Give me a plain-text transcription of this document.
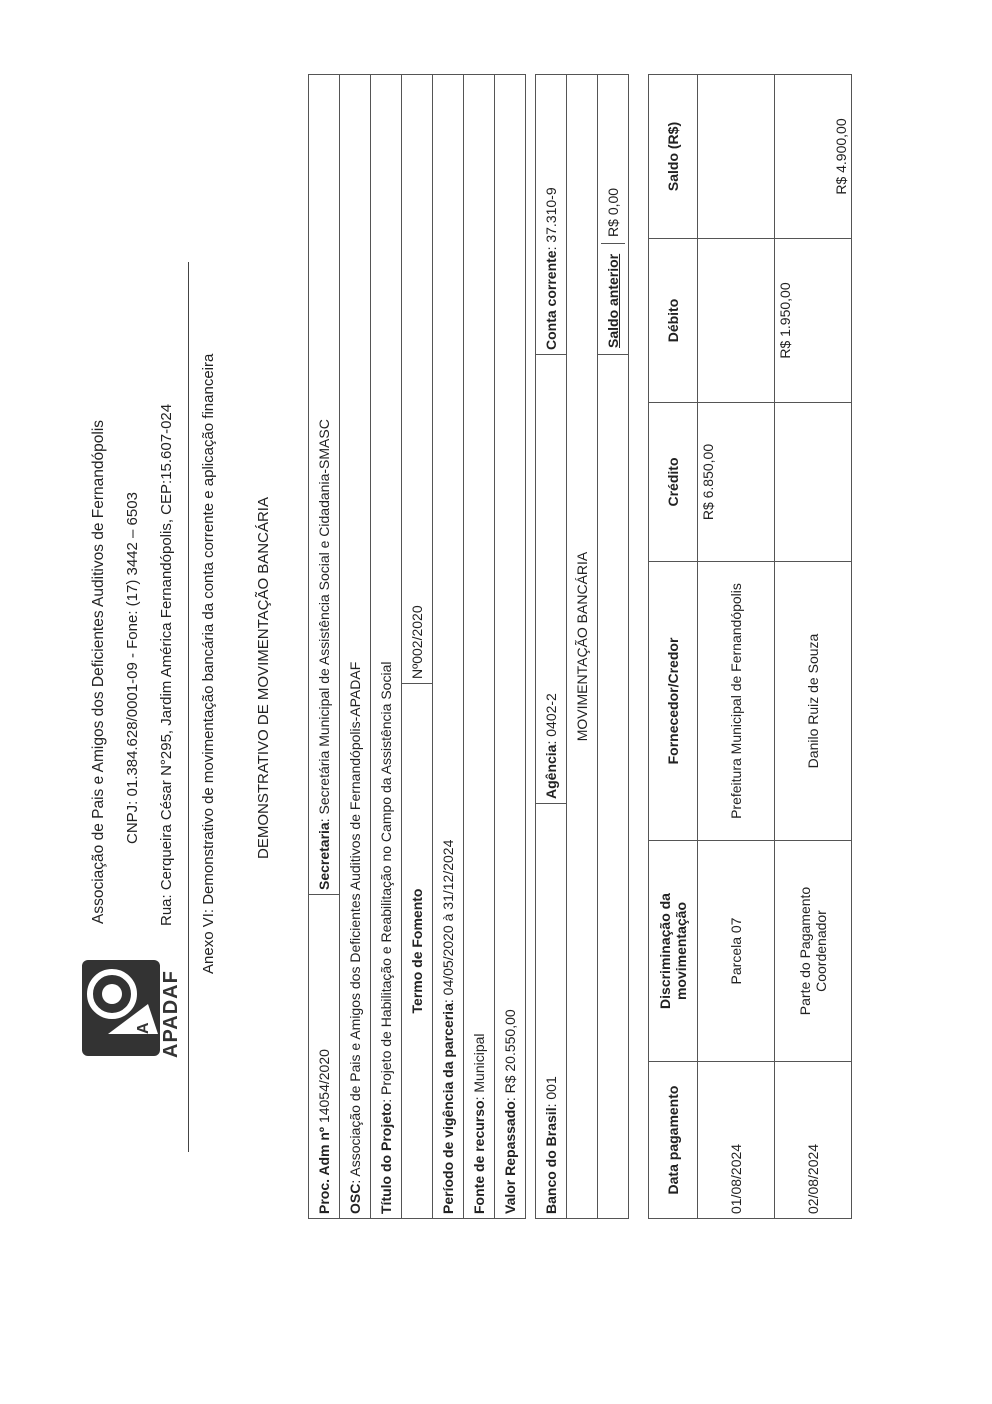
A APADAF
Associação de Pais e Amigos dos Deficientes Auditivos de Fernandópolis CNPJ: 01.384.628/0001-09 - Fone: (17) 3442 – 6503 Rua: Cerqueira César N°295, Jardim América Fernandópolis, CEP:15.607-024 Anexo VI: Demonstrativo de movimentação bancária da conta corrente e aplicação financeira	DEMONSTRATIVO DE MOVIMENTAÇÃO BANCÁRIA
Proc. Adm nº 14054/2020	Secretaria: Secretária Municipal de Assistência Social e Cidadania-SMASC	
OSC: Associação de Pais e Amigos dos Deficientes Auditivos de Fernandópolis-APADAF		
Título do Projeto: Projeto de Habilitação e Reabilitação no Campo da Assistência Social		
Termo de Fomento		Nº002/2020
Período de vigência da parceria: 04/05/2020 à 31/12/2024		
Fonte de recurso: Municipal		
Valor Repassado: R$ 20.550,00		
Banco do Brasil: 001	Agência: 0402-2	Conta corrente: 37.310-9
MOVIMENTAÇÃO BANCÁRIA		
		Saldo anterior R$ 0,00
Data pagamento	Discriminação da movimentação	Fornecedor/Credor	Crédito	Débito	Saldo (R$)
01/08/2024	Parcela 07	Prefeitura Municipal de Fernandópolis	R$ 6.850,00		
02/08/2024	Parte do Pagamento Coordenador	Danilo Ruiz de Souza		R$ 1.950,00	R$ 4.900,00
